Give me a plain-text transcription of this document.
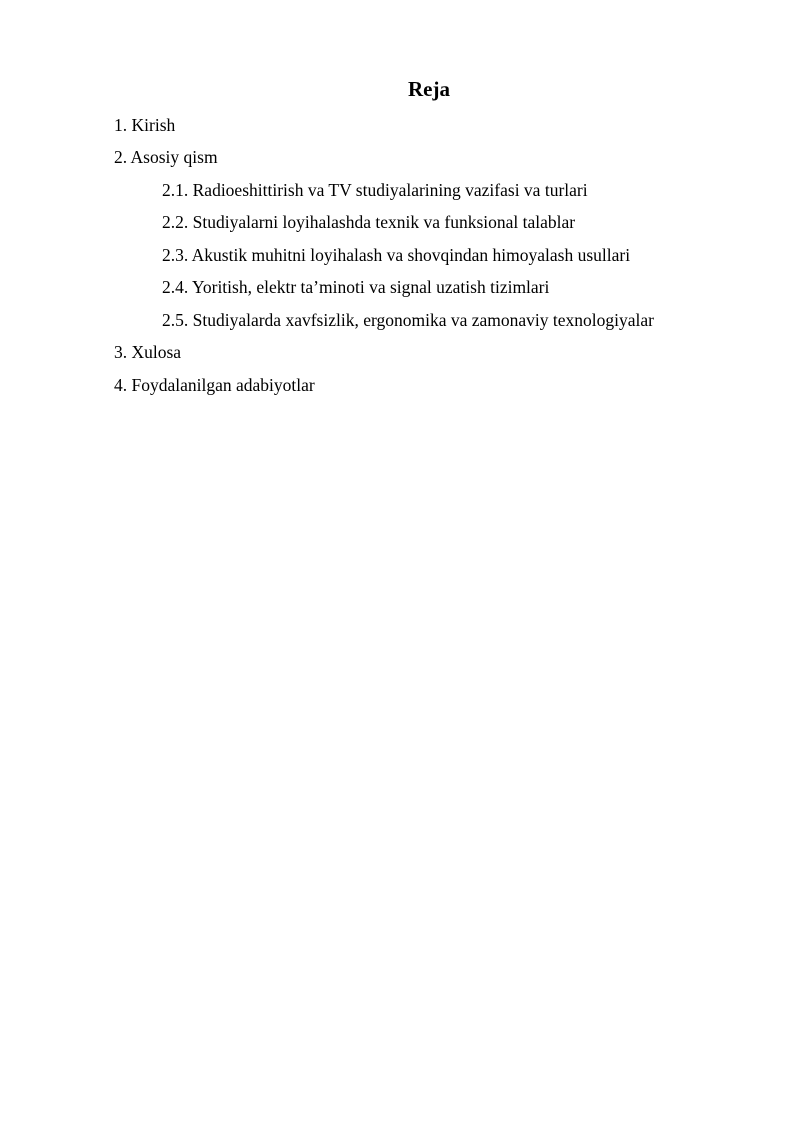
Reja
1. Kirish
2. Asosiy qism
2.1. Radioeshittirish va TV studiyalarining vazifasi va turlari
2.2. Studiyalarni loyihalashda texnik va funksional talablar
2.3. Akustik muhitni loyihalash va shovqindan himoyalash usullari
2.4. Yoritish, elektr ta’minoti va signal uzatish tizimlari
2.5. Studiyalarda xavfsizlik, ergonomika va zamonaviy texnologiyalar
3. Xulosa
4. Foydalanilgan adabiyotlar
